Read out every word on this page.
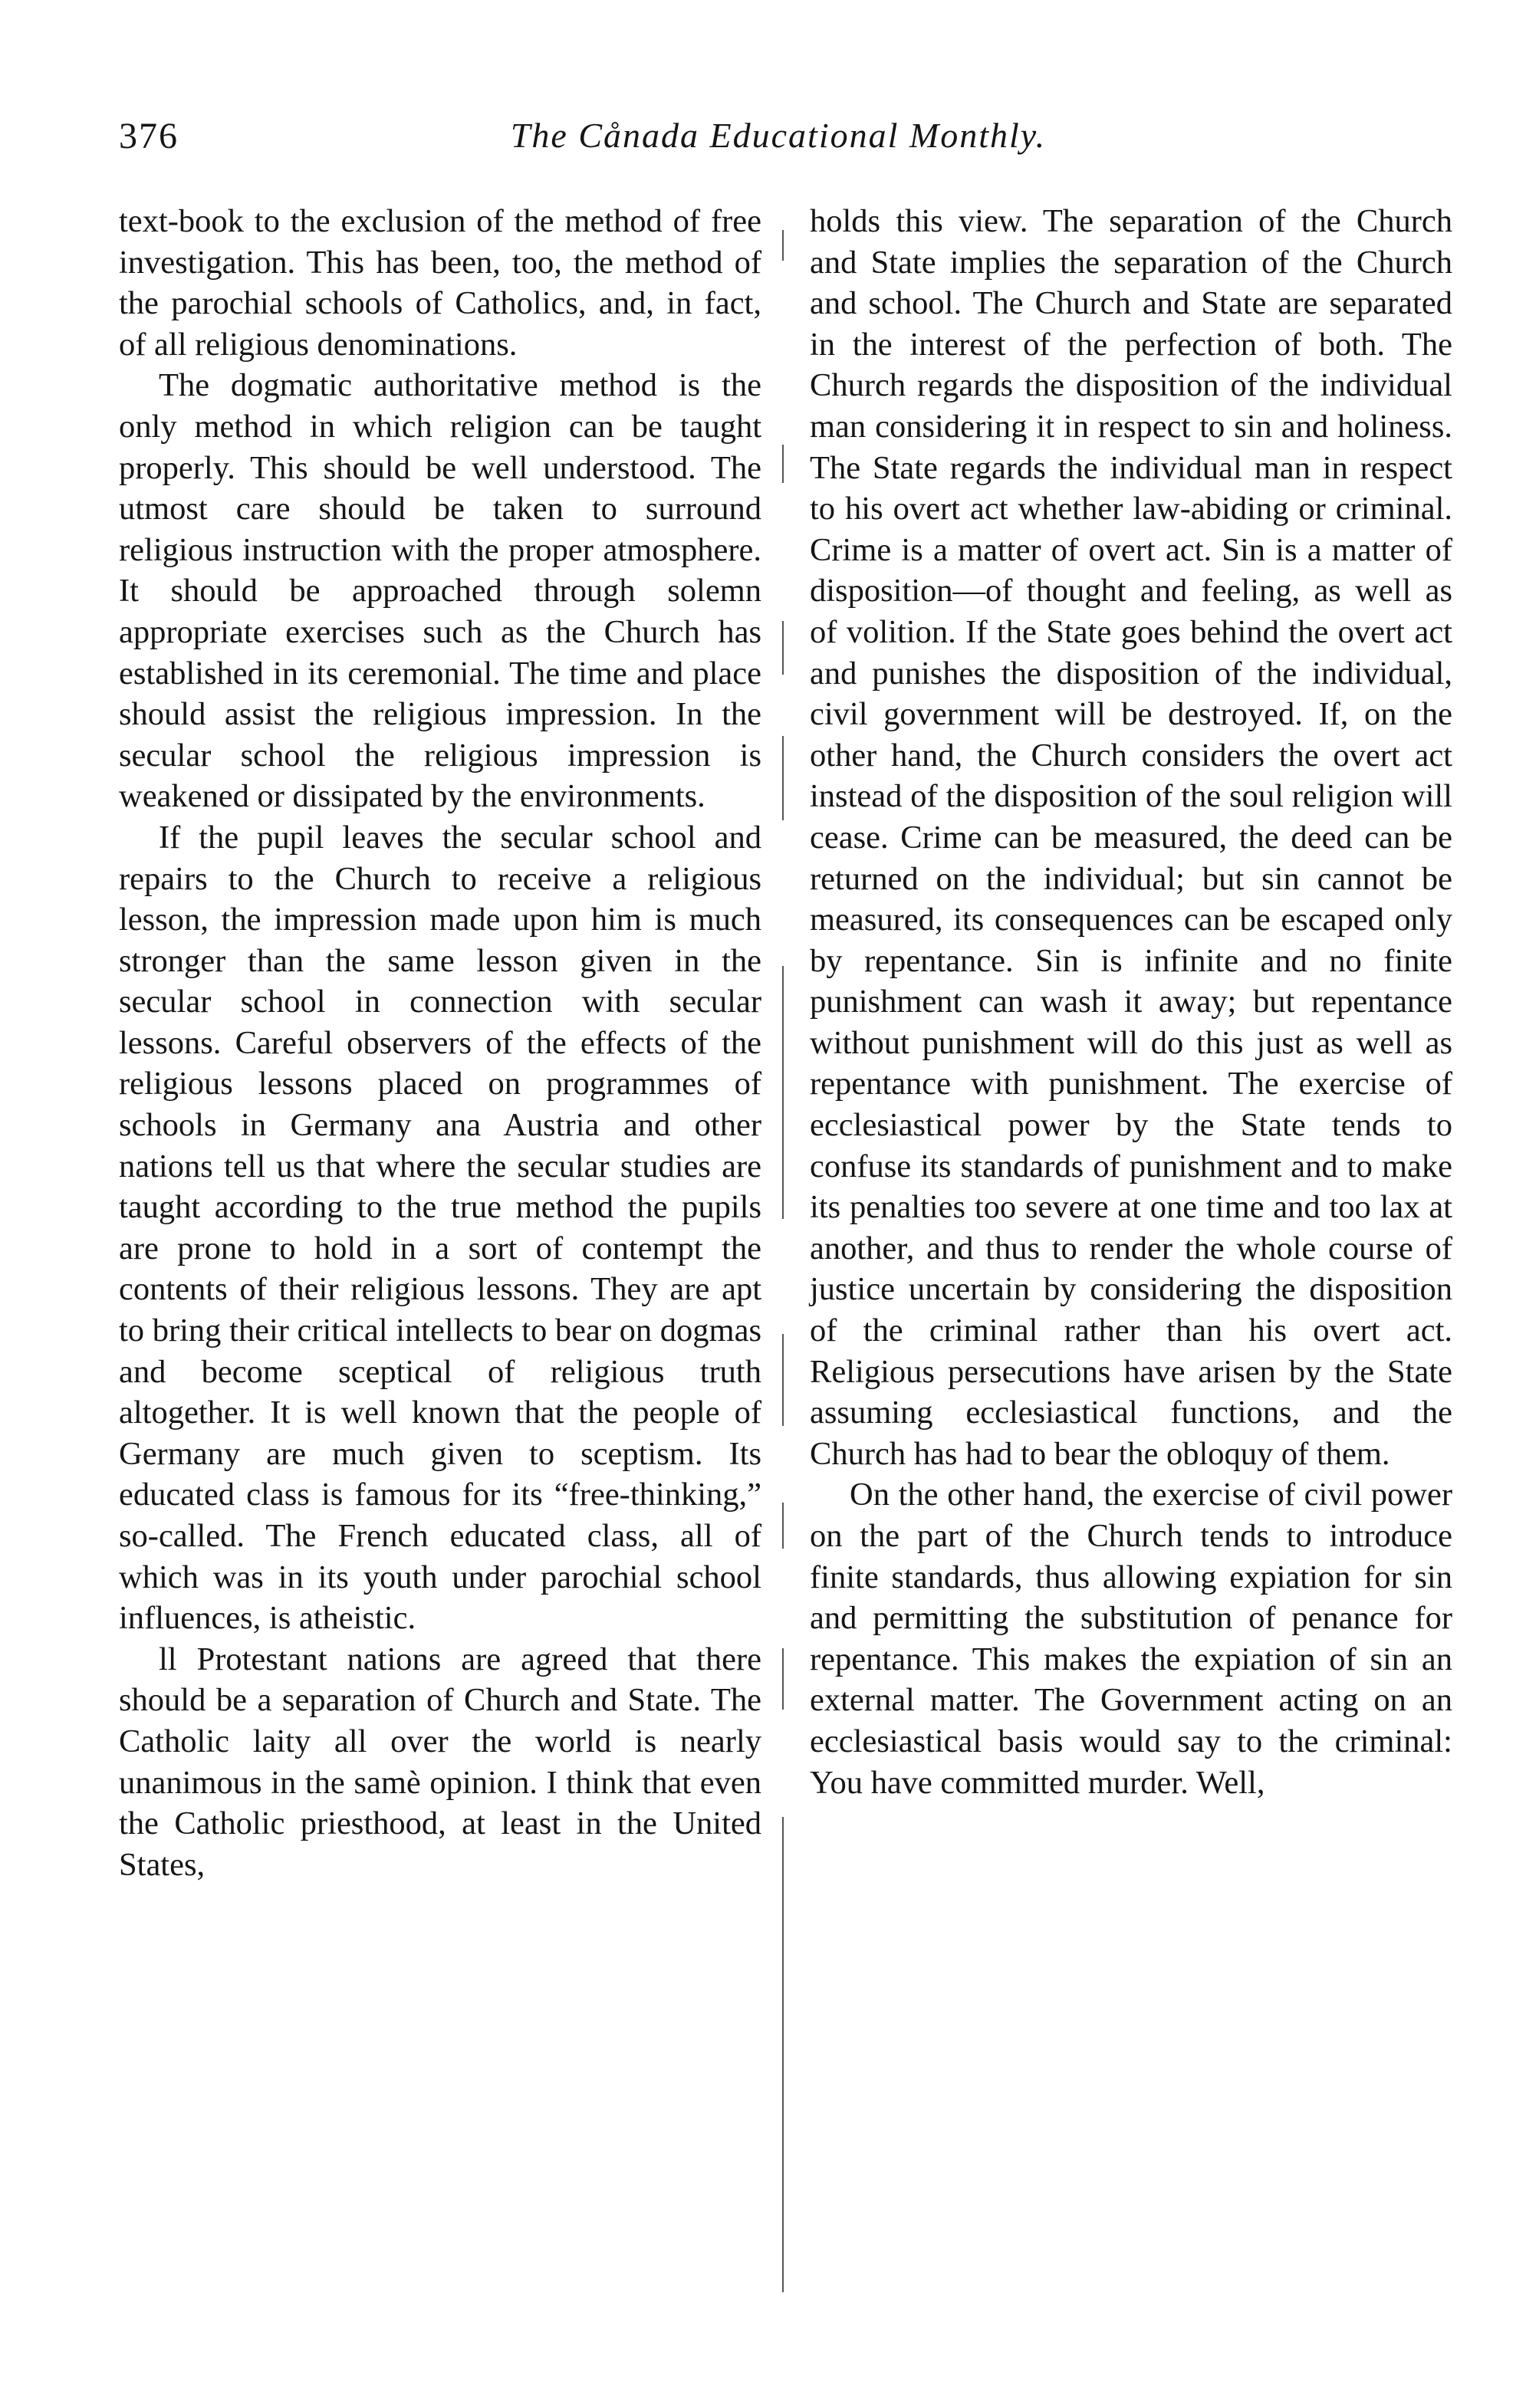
376	The Cånada Educational Monthly.

text-book to the exclusion of the method of free investigation. This has been, too, the method of the parochial schools of Catholics, and, in fact, of all religious denominations.

The dogmatic authoritative method is the only method in which religion can be taught properly. This should be well understood. The utmost care should be taken to surround religious instruction with the proper atmosphere. It should be approached through solemn appropriate exercises such as the Church has established in its ceremonial. The time and place should assist the religious impression. In the secular school the religious impression is weakened or dissipated by the environments.

If the pupil leaves the secular school and repairs to the Church to receive a religious lesson, the impression made upon him is much stronger than the same lesson given in the secular school in connection with secular lessons. Careful observers of the effects of the religious lessons placed on programmes of schools in Germany ana Austria and other nations tell us that where the secular studies are taught according to the true method the pupils are prone to hold in a sort of contempt the contents of their religious lessons. They are apt to bring their critical intellects to bear on dogmas and become sceptical of religious truth altogether. It is well known that the people of Germany are much given to sceptism. Its educated class is famous for its “free-thinking,” so-called. The French educated class, all of which was in its youth under parochial school influences, is atheistic.

ll Protestant nations are agreed that there should be a separation of Church and State. The Catholic laity all over the world is nearly unanimous in the samè opinion. I think that even the Catholic priesthood, at least in the United States,

holds this view. The separation of the Church and State implies the separation of the Church and school. The Church and State are separated in the interest of the perfection of both. The Church regards the disposition of the individual man considering it in respect to sin and holiness. The State regards the individual man in respect to his overt act whether law-abiding or criminal. Crime is a matter of overt act. Sin is a matter of disposition—of thought and feeling, as well as of volition. If the State goes behind the overt act and punishes the disposition of the individual, civil government will be destroyed. If, on the other hand, the Church considers the overt act instead of the disposition of the soul religion will cease. Crime can be measured, the deed can be returned on the individual; but sin cannot be measured, its consequences can be escaped only by repentance. Sin is infinite and no finite punishment can wash it away; but repentance without punishment will do this just as well as repentance with punishment. The exercise of ecclesiastical power by the State tends to confuse its standards of punishment and to make its penalties too severe at one time and too lax at another, and thus to render the whole course of justice uncertain by considering the disposition of the criminal rather than his overt act. Religious persecutions have arisen by the State assuming ecclesiastical functions, and the Church has had to bear the obloquy of them.

On the other hand, the exercise of civil power on the part of the Church tends to introduce finite standards, thus allowing expiation for sin and permitting the substitution of penance for repentance. This makes the expiation of sin an external matter. The Government acting on an ecclesiastical basis would say to the criminal: You have committed murder. Well,
